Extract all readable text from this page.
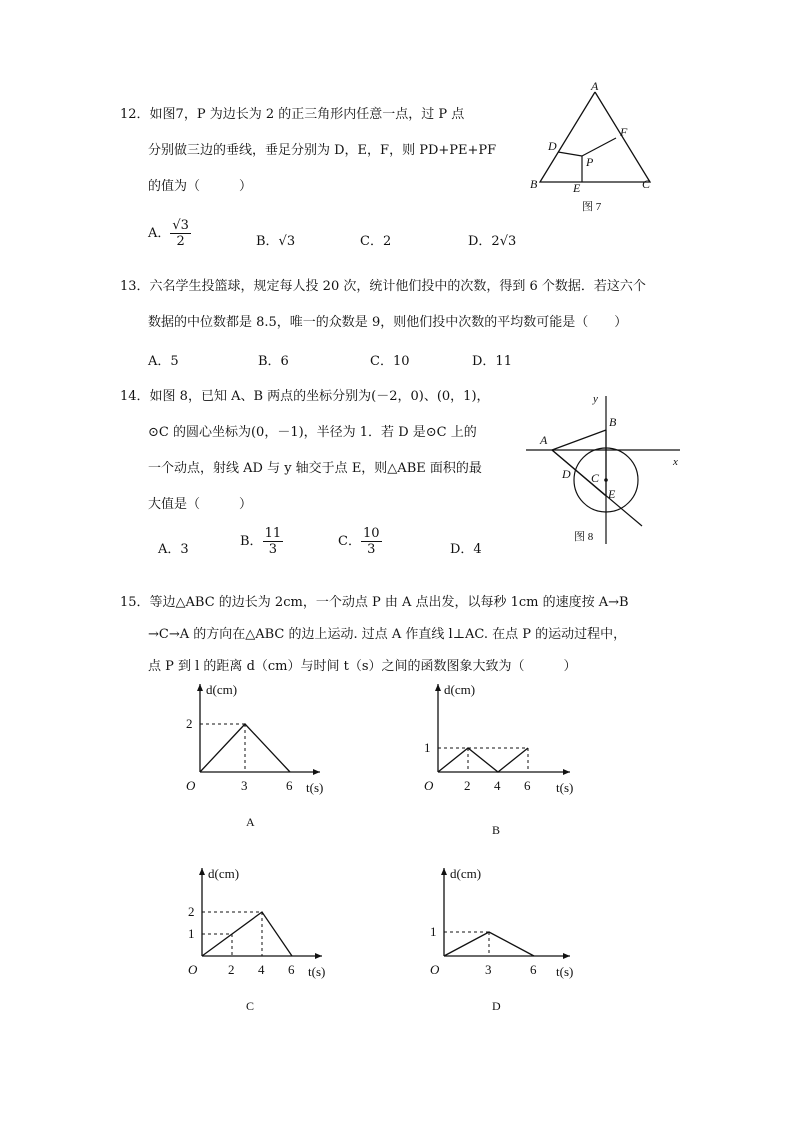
12．如图7，P 为边长为 2 的正三角形内任意一点，过 P 点
分别做三边的垂线，垂足分别为 D，E，F，则 PD+PE+PF
的值为（　　　）
A． $\frac{√3}{2}$	B．√3	C．2	D．2√3
A
B	C
D
E
F
P
图 7
13．六名学生投篮球，规定每人投 20 次，统计他们投中的次数，得到 6 个数据．若这六个
数据的中位数都是 8.5，唯一的众数是 9，则他们投中次数的平均数可能是（　　）
A．5	B．6	C．10	D．11
14．如图 8，已知 A、B 两点的坐标分别为(－2，0)、(0，1)，
⊙C 的圆心坐标为(0，－1)，半径为 1．若 D 是⊙C 上的
一个动点，射线 AD 与 y 轴交于点 E，则△ABE 面积的最
大值是（　　　）
A．3
B． $\frac{11}{3}$	C． $\frac{10}{3}$	D．4
y
x
A
B
C
D
E
图 8
15．等边△ABC 的边长为 2cm，一个动点 P 由 A 点出发，以每秒 1cm 的速度按 A→B
→C→A 的方向在△ABC 的边上运动. 过点 A 作直线 l⊥AC. 在点 P 的运动过程中，
点 P 到 l 的距离 d（cm）与时间 t（s）之间的函数图象大致为（　　　）
d(cm)
t(s)
O
2
3	6
A
d(cm)
t(s)
O
1
2 4 6
B
d(cm)
t(s)
O
1
2
2 4 6
C
d(cm)
t(s)
O
1
3	6
D
